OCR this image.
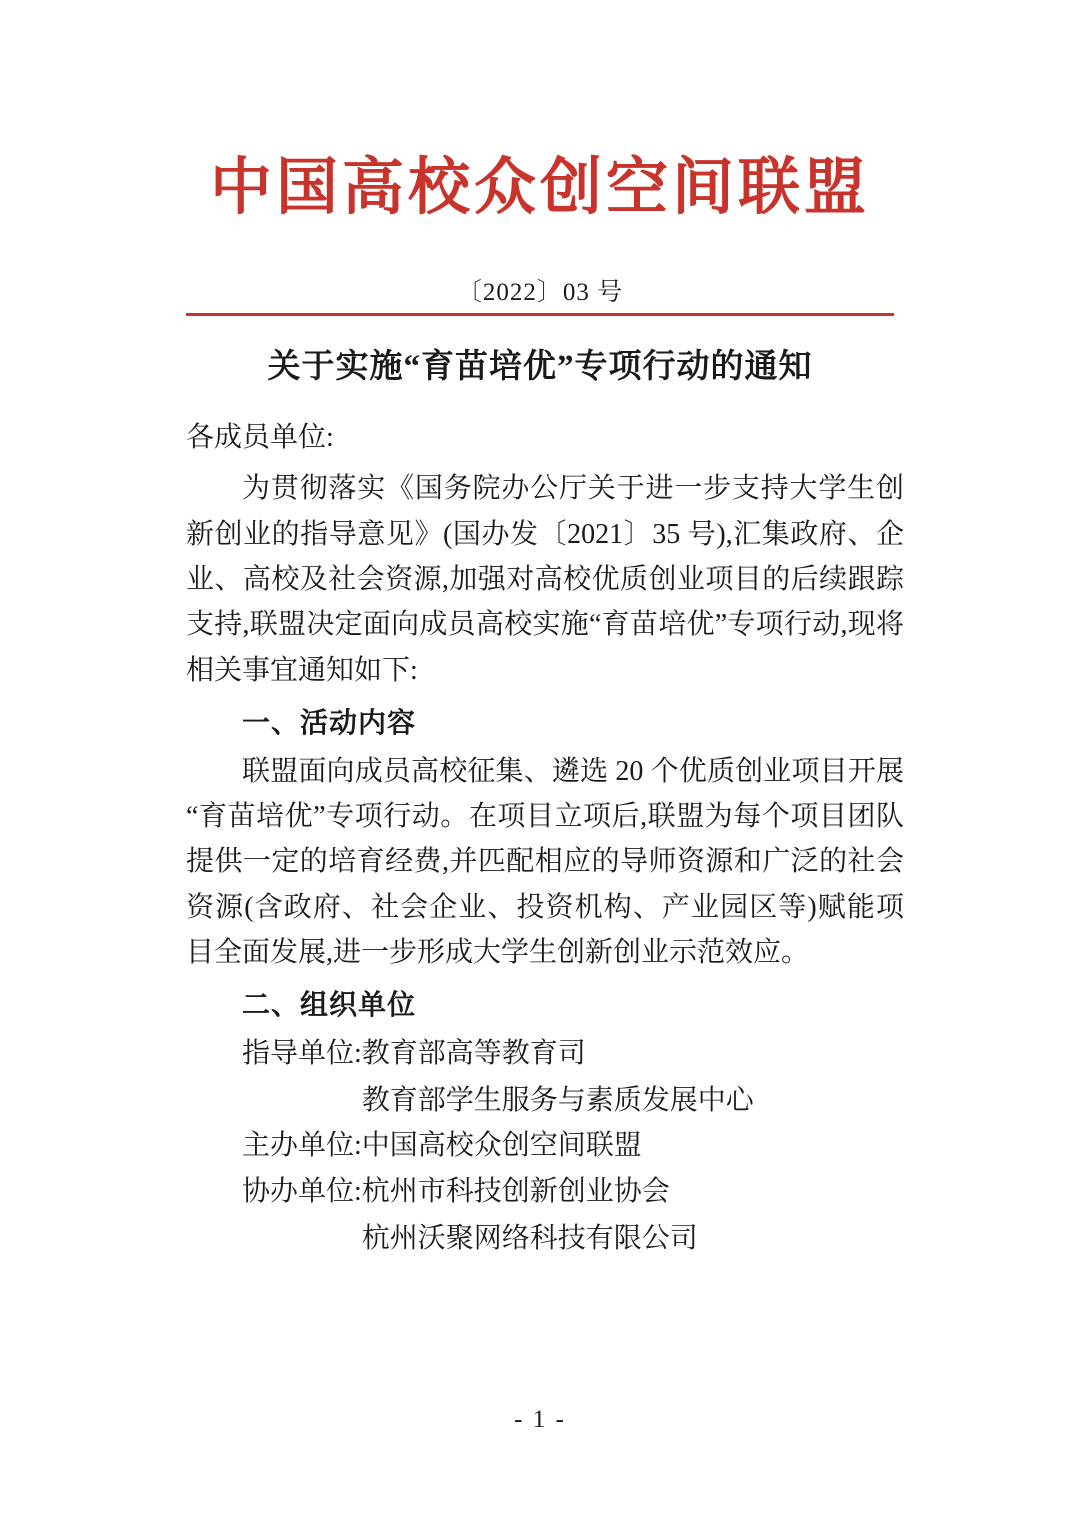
中国高校众创空间联盟
〔2022〕03 号
关于实施“育苗培优”专项行动的通知
各成员单位:

为贯彻落实《国务院办公厅关于进一步支持大学生创新创业的指导意见》(国办发〔2021〕35 号),汇集政府、企业、高校及社会资源,加强对高校优质创业项目的后续跟踪支持,联盟决定面向成员高校实施“育苗培优”专项行动,现将相关事宜通知如下:

一、活动内容

联盟面向成员高校征集、遴选 20 个优质创业项目开展“育苗培优”专项行动。在项目立项后,联盟为每个项目团队提供一定的培育经费,并匹配相应的导师资源和广泛的社会资源(含政府、社会企业、投资机构、产业园区等)赋能项目全面发展,进一步形成大学生创新创业示范效应。

二、组织单位
指导单位: 教育部高等教育司
教育部学生服务与素质发展中心
主办单位: 中国高校众创空间联盟
协办单位: 杭州市科技创新创业协会
杭州沃聚网络科技有限公司
- 1 -
